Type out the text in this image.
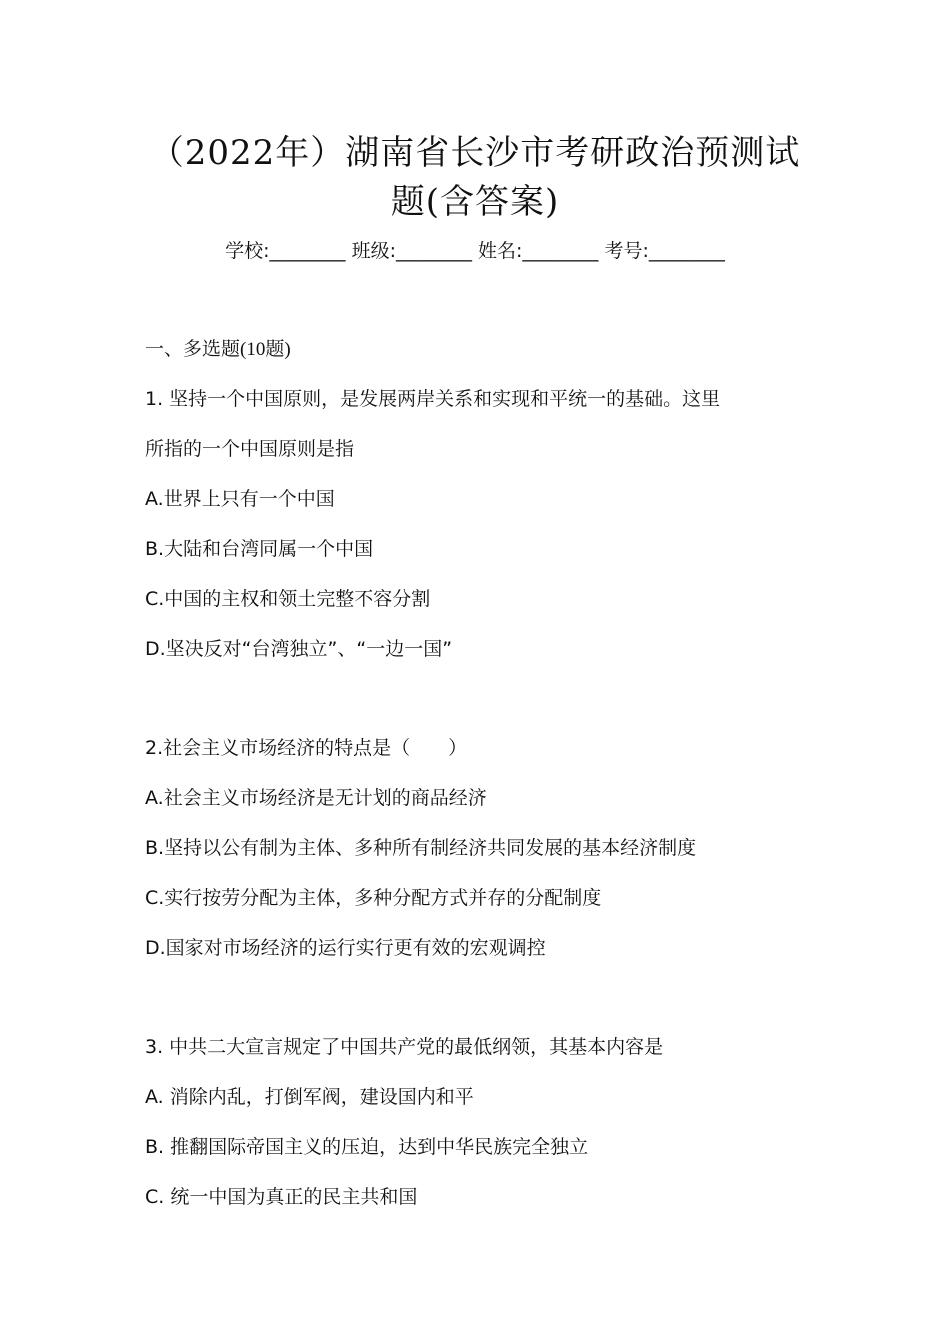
（2022年）湖南省长沙市考研政治预测试
题(含答案)
学校:________ 班级:________ 姓名:________ 考号:________
一、多选题(10题)
1. 坚持一个中国原则，是发展两岸关系和实现和平统一的基础。这里
所指的一个中国原则是指
A.世界上只有一个中国
B.大陆和台湾同属一个中国
C.中国的主权和领土完整不容分割
D.坚决反对“台湾独立”、“一边一国”
2.社会主义市场经济的特点是（　　）
A.社会主义市场经济是无计划的商品经济
B.坚持以公有制为主体、多种所有制经济共同发展的基本经济制度
C.实行按劳分配为主体，多种分配方式并存的分配制度
D.国家对市场经济的运行实行更有效的宏观调控
3. 中共二大宣言规定了中国共产党的最低纲领，其基本内容是
A. 消除内乱，打倒军阀，建设国内和平
B. 推翻国际帝国主义的压迫，达到中华民族完全独立
C. 统一中国为真正的民主共和国
